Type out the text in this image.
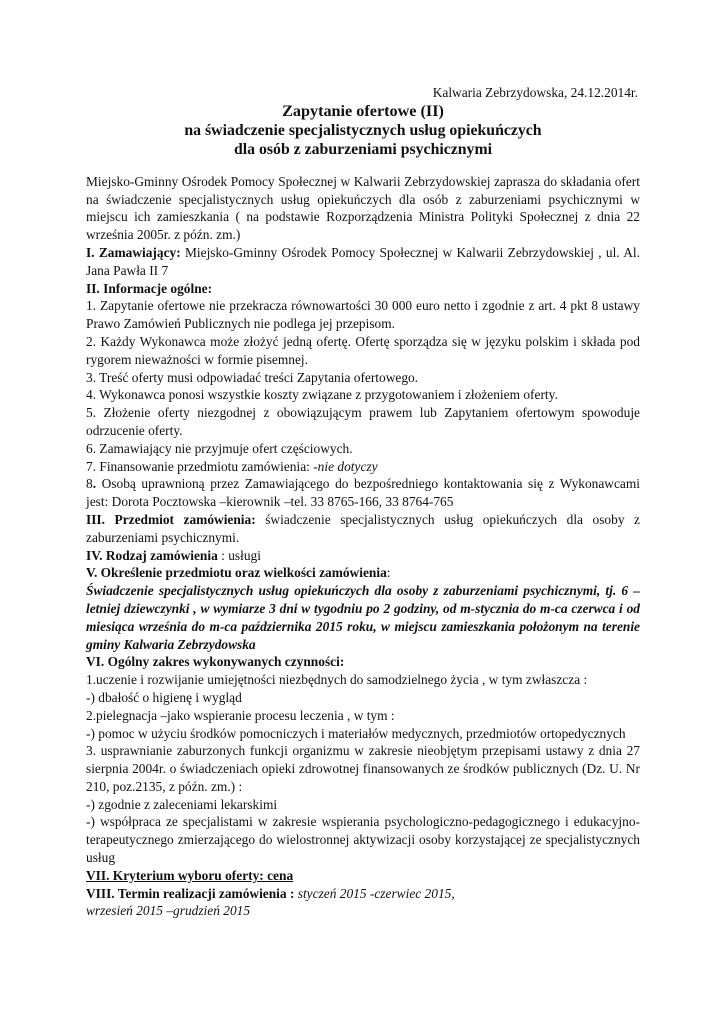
Kalwaria Zebrzydowska, 24.12.2014r.
Zapytanie ofertowe (II)
na świadczenie specjalistycznych usług opiekuńczych
dla osób z zaburzeniami psychicznymi

Miejsko-Gminny Ośrodek Pomocy Społecznej w Kalwarii Zebrzydowskiej zaprasza do składania ofert na świadczenie specjalistycznych usług opiekuńczych dla osób z zaburzeniami psychicznymi w miejscu ich zamieszkania ( na podstawie Rozporządzenia Ministra Polityki Społecznej z dnia 22 września 2005r. z późn. zm.)

I. Zamawiający: Miejsko-Gminny Ośrodek Pomocy Społecznej w Kalwarii Zebrzydowskiej , ul. Al. Jana Pawła II 7

II. Informacje ogólne:

1. Zapytanie ofertowe nie przekracza równowartości 30 000 euro netto i zgodnie z art. 4 pkt 8 ustawy Prawo Zamówień Publicznych nie podlega jej przepisom.

2. Każdy Wykonawca może złożyć jedną ofertę. Ofertę sporządza się w języku polskim i składa pod rygorem nieważności w formie pisemnej.

3. Treść oferty musi odpowiadać treści Zapytania ofertowego.

4. Wykonawca ponosi wszystkie koszty związane z przygotowaniem i złożeniem oferty.

5. Złożenie oferty niezgodnej z obowiązującym prawem lub Zapytaniem ofertowym spowoduje odrzucenie oferty.

6. Zamawiający nie przyjmuje ofert częściowych.

7. Finansowanie przedmiotu zamówienia: -nie dotyczy

8. Osobą uprawnioną przez Zamawiającego do bezpośredniego kontaktowania się z Wykonawcami jest: Dorota Pocztowska –kierownik –tel. 33 8765-166, 33 8764-765

III. Przedmiot zamówienia: świadczenie specjalistycznych usług opiekuńczych dla osoby z zaburzeniami psychicznymi.

IV. Rodzaj zamówienia : usługi

V. Określenie przedmiotu oraz wielkości zamówienia:

Świadczenie specjalistycznych usług opiekuńczych dla osoby z zaburzeniami psychicznymi, tj. 6 –letniej dziewczynki , w wymiarze 3 dni w tygodniu po 2 godziny, od m-stycznia do m-ca czerwca i od miesiąca września do m-ca października 2015 roku, w miejscu zamieszkania położonym na terenie gminy Kalwaria Zebrzydowska

VI. Ogólny zakres wykonywanych czynności:

1.uczenie i rozwijanie umiejętności niezbędnych do samodzielnego życia , w tym zwłaszcza :

-) dbałość o higienę i wygląd

2.pielegnacja –jako wspieranie procesu leczenia , w tym :

-) pomoc w użyciu środków pomocniczych i materiałów medycznych, przedmiotów ortopedycznych

3. usprawnianie zaburzonych funkcji organizmu w zakresie nieobjętym przepisami ustawy z dnia 27 sierpnia 2004r. o świadczeniach opieki zdrowotnej finansowanych ze środków publicznych (Dz. U. Nr 210, poz.2135, z późn. zm.) :

-) zgodnie z zaleceniami lekarskimi

-) współpraca ze specjalistami w zakresie wspierania psychologiczno-pedagogicznego i edukacyjno-terapeutycznego zmierzającego do wielostronnej aktywizacji osoby korzystającej ze specjalistycznych usług

VII. Kryterium wyboru oferty: cena

VIII. Termin realizacji zamówienia : styczeń 2015 -czerwiec 2015,

wrzesień 2015 –grudzień 2015
